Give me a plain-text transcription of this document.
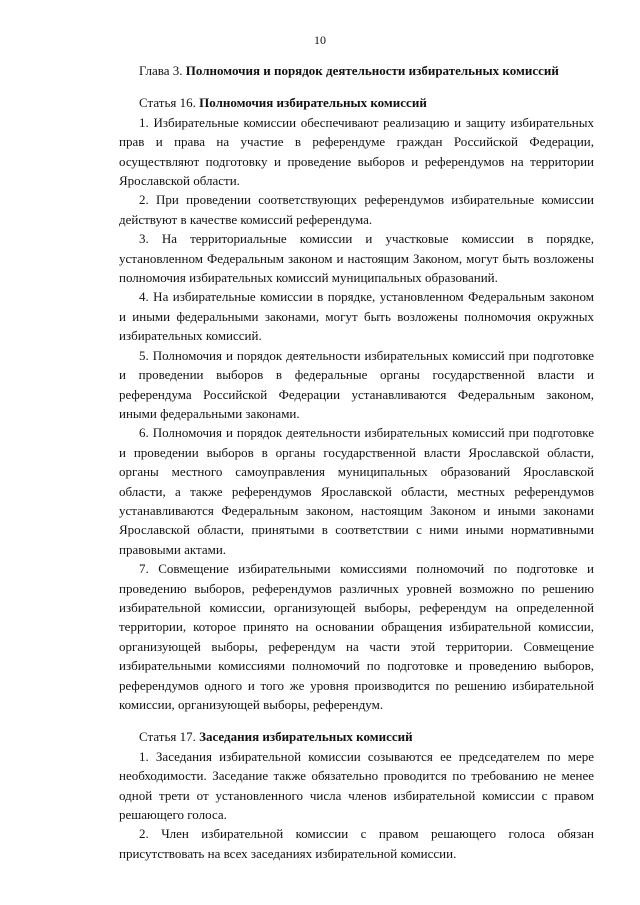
10

Глава 3. Полномочия и порядок деятельности избирательных комиссий

Статья 16. Полномочия избирательных комиссий

1. Избирательные комиссии обеспечивают реализацию и защиту избирательных прав и права на участие в референдуме граждан Российской Федерации, осуществляют подготовку и проведение выборов и референдумов на территории Ярославской области.

2. При проведении соответствующих референдумов избирательные комиссии действуют в качестве комиссий референдума.

3. На территориальные комиссии и участковые комиссии в порядке, установленном Федеральным законом и настоящим Законом, могут быть возложены полномочия избирательных комиссий муниципальных образований.

4. На избирательные комиссии в порядке, установленном Федеральным законом и иными федеральными законами, могут быть возложены полномочия окружных избирательных комиссий.

5. Полномочия и порядок деятельности избирательных комиссий при подготовке и проведении выборов в федеральные органы государственной власти и референдума Российской Федерации устанавливаются Федеральным законом, иными федеральными законами.

6. Полномочия и порядок деятельности избирательных комиссий при подготовке и проведении выборов в органы государственной власти Ярославской области, органы местного самоуправления муниципальных образований Ярославской области, а также референдумов Ярославской области, местных референдумов устанавливаются Федеральным законом, настоящим Законом и иными законами Ярославской области, принятыми в соответствии с ними иными нормативными правовыми актами.

7. Совмещение избирательными комиссиями полномочий по подготовке и проведению выборов, референдумов различных уровней возможно по решению избирательной комиссии, организующей выборы, референдум на определенной территории, которое принято на основании обращения избирательной комиссии, организующей выборы, референдум на части этой территории. Совмещение избирательными комиссиями полномочий по подготовке и проведению выборов, референдумов одного и того же уровня производится по решению избирательной комиссии, организующей выборы, референдум.

Статья 17. Заседания избирательных комиссий

1. Заседания избирательной комиссии созываются ее председателем по мере необходимости. Заседание также обязательно проводится по требованию не менее одной трети от установленного числа членов избирательной комиссии с правом решающего голоса.

2. Член избирательной комиссии с правом решающего голоса обязан присутствовать на всех заседаниях избирательной комиссии.
